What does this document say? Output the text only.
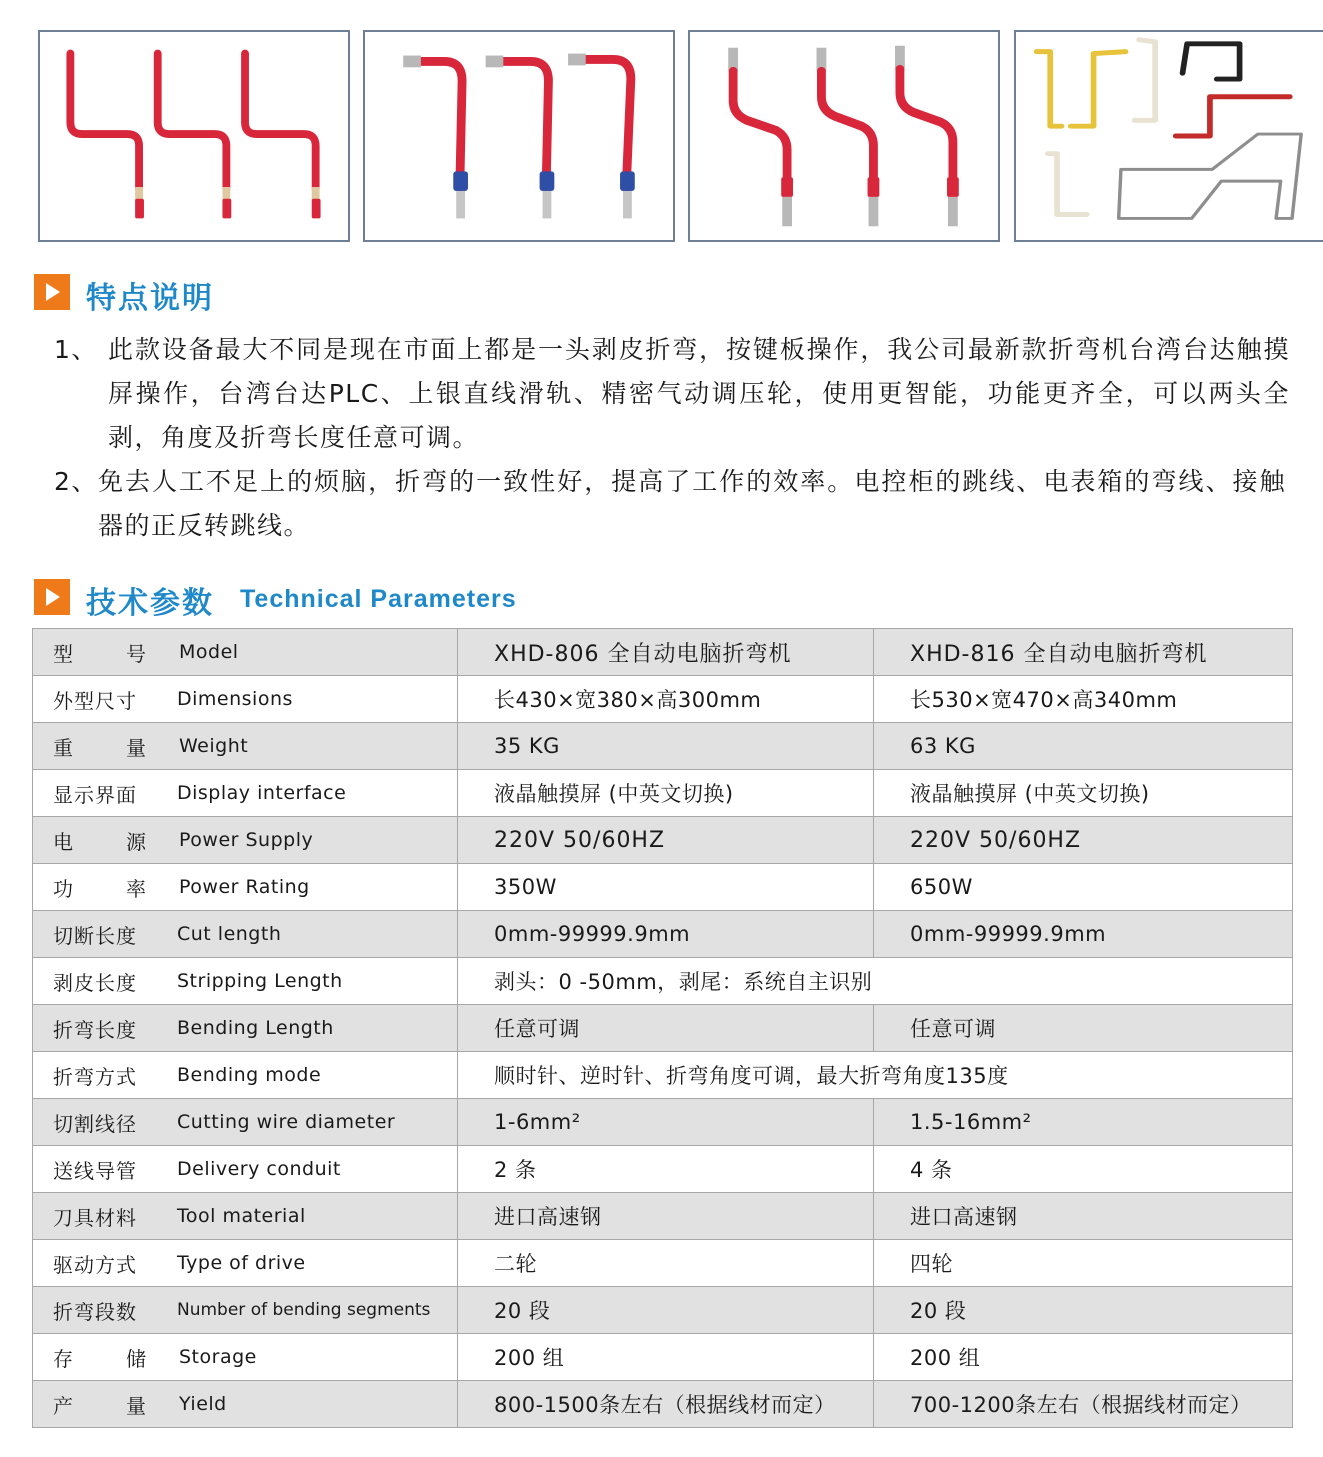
特点说明
1、 此款设备最大不同是现在市面上都是一头剥皮折弯，按键板操作，我公司最新款折弯机台湾台达触摸屏操作，台湾台达PLC、上银直线滑轨、精密气动调压轮，使用更智能，功能更齐全，可以两头全剥，角度及折弯长度任意可调。
2、 免去人工不足上的烦脑，折弯的一致性好，提高了工作的效率。电控柜的跳线、电表箱的弯线、接触器的正反转跳线。
技术参数 Technical Parameters
型 号 Model	XHD-806 全自动电脑折弯机	XHD-816 全自动电脑折弯机

外型尺寸 Dimensions	长430×宽380×高300mm	长530×宽470×高340mm

重 量 Weight	35 KG	63 KG

显示界面 Display interface	液晶触摸屏 (中英文切换)	液晶触摸屏 (中英文切换)

电 源 Power Supply	220V 50/60HZ	220V 50/60HZ

功 率 Power Rating	350W	650W

切断长度 Cut length	0mm-99999.9mm	0mm-99999.9mm

剥皮长度 Stripping Length	剥头：0 -50mm，剥尾：系统自主识别	

折弯长度 Bending Length	任意可调	任意可调

折弯方式 Bending mode	顺时针、逆时针、折弯角度可调，最大折弯角度135度	

切割线径 Cutting wire diameter	1-6mm²	1.5-16mm²

送线导管 Delivery conduit	2 条	4 条

刀具材料 Tool material	进口高速钢	进口高速钢

驱动方式 Type of drive	二轮	四轮

折弯段数 Number of bending segments	20 段	20 段

存 储 Storage	200 组	200 组

产 量 Yield	800-1500条左右（根据线材而定）	700-1200条左右（根据线材而定）
